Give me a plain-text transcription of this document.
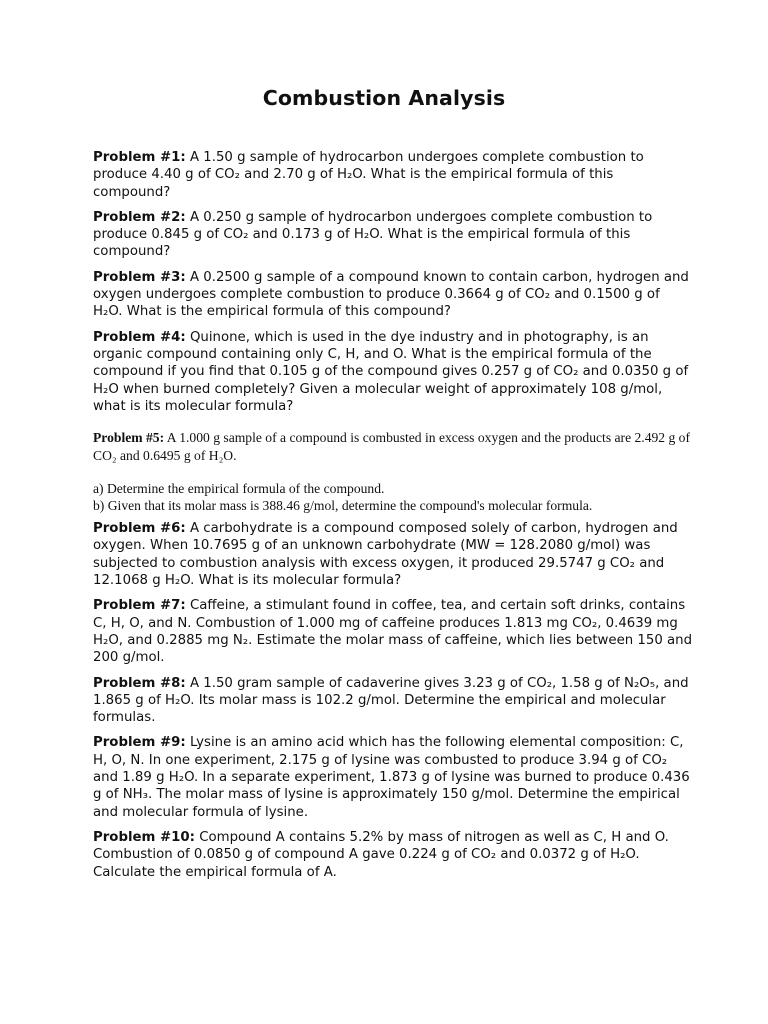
Combustion Analysis

Problem #1: A 1.50 g sample of hydrocarbon undergoes complete combustion to produce 4.40 g of CO₂ and 2.70 g of H₂O. What is the empirical formula of this compound?

Problem #2: A 0.250 g sample of hydrocarbon undergoes complete combustion to produce 0.845 g of CO₂ and 0.173 g of H₂O. What is the empirical formula of this compound?

Problem #3: A 0.2500 g sample of a compound known to contain carbon, hydrogen and oxygen undergoes complete combustion to produce 0.3664 g of CO₂ and 0.1500 g of H₂O. What is the empirical formula of this compound?

Problem #4: Quinone, which is used in the dye industry and in photography, is an organic compound containing only C, H, and O. What is the empirical formula of the compound if you find that 0.105 g of the compound gives 0.257 g of CO₂ and 0.0350 g of H₂O when burned completely? Given a molecular weight of approximately 108 g/mol, what is its molecular formula?

Problem #5: A 1.000 g sample of a compound is combusted in excess oxygen and the products are 2.492 g of CO₂ and 0.6495 g of H₂O.

a) Determine the empirical formula of the compound.
b) Given that its molar mass is 388.46 g/mol, determine the compound's molecular formula.

Problem #6: A carbohydrate is a compound composed solely of carbon, hydrogen and oxygen. When 10.7695 g of an unknown carbohydrate (MW = 128.2080 g/mol) was subjected to combustion analysis with excess oxygen, it produced 29.5747 g CO₂ and 12.1068 g H₂O. What is its molecular formula?

Problem #7: Caffeine, a stimulant found in coffee, tea, and certain soft drinks, contains C, H, O, and N. Combustion of 1.000 mg of caffeine produces 1.813 mg CO₂, 0.4639 mg H₂O, and 0.2885 mg N₂. Estimate the molar mass of caffeine, which lies between 150 and 200 g/mol.

Problem #8: A 1.50 gram sample of cadaverine gives 3.23 g of CO₂, 1.58 g of N₂O₅, and 1.865 g of H₂O. Its molar mass is 102.2 g/mol. Determine the empirical and molecular formulas.

Problem #9: Lysine is an amino acid which has the following elemental composition: C, H, O, N. In one experiment, 2.175 g of lysine was combusted to produce 3.94 g of CO₂ and 1.89 g H₂O. In a separate experiment, 1.873 g of lysine was burned to produce 0.436 g of NH₃. The molar mass of lysine is approximately 150 g/mol. Determine the empirical and molecular formula of lysine.

Problem #10: Compound A contains 5.2% by mass of nitrogen as well as C, H and O. Combustion of 0.0850 g of compound A gave 0.224 g of CO₂ and 0.0372 g of H₂O. Calculate the empirical formula of A.
